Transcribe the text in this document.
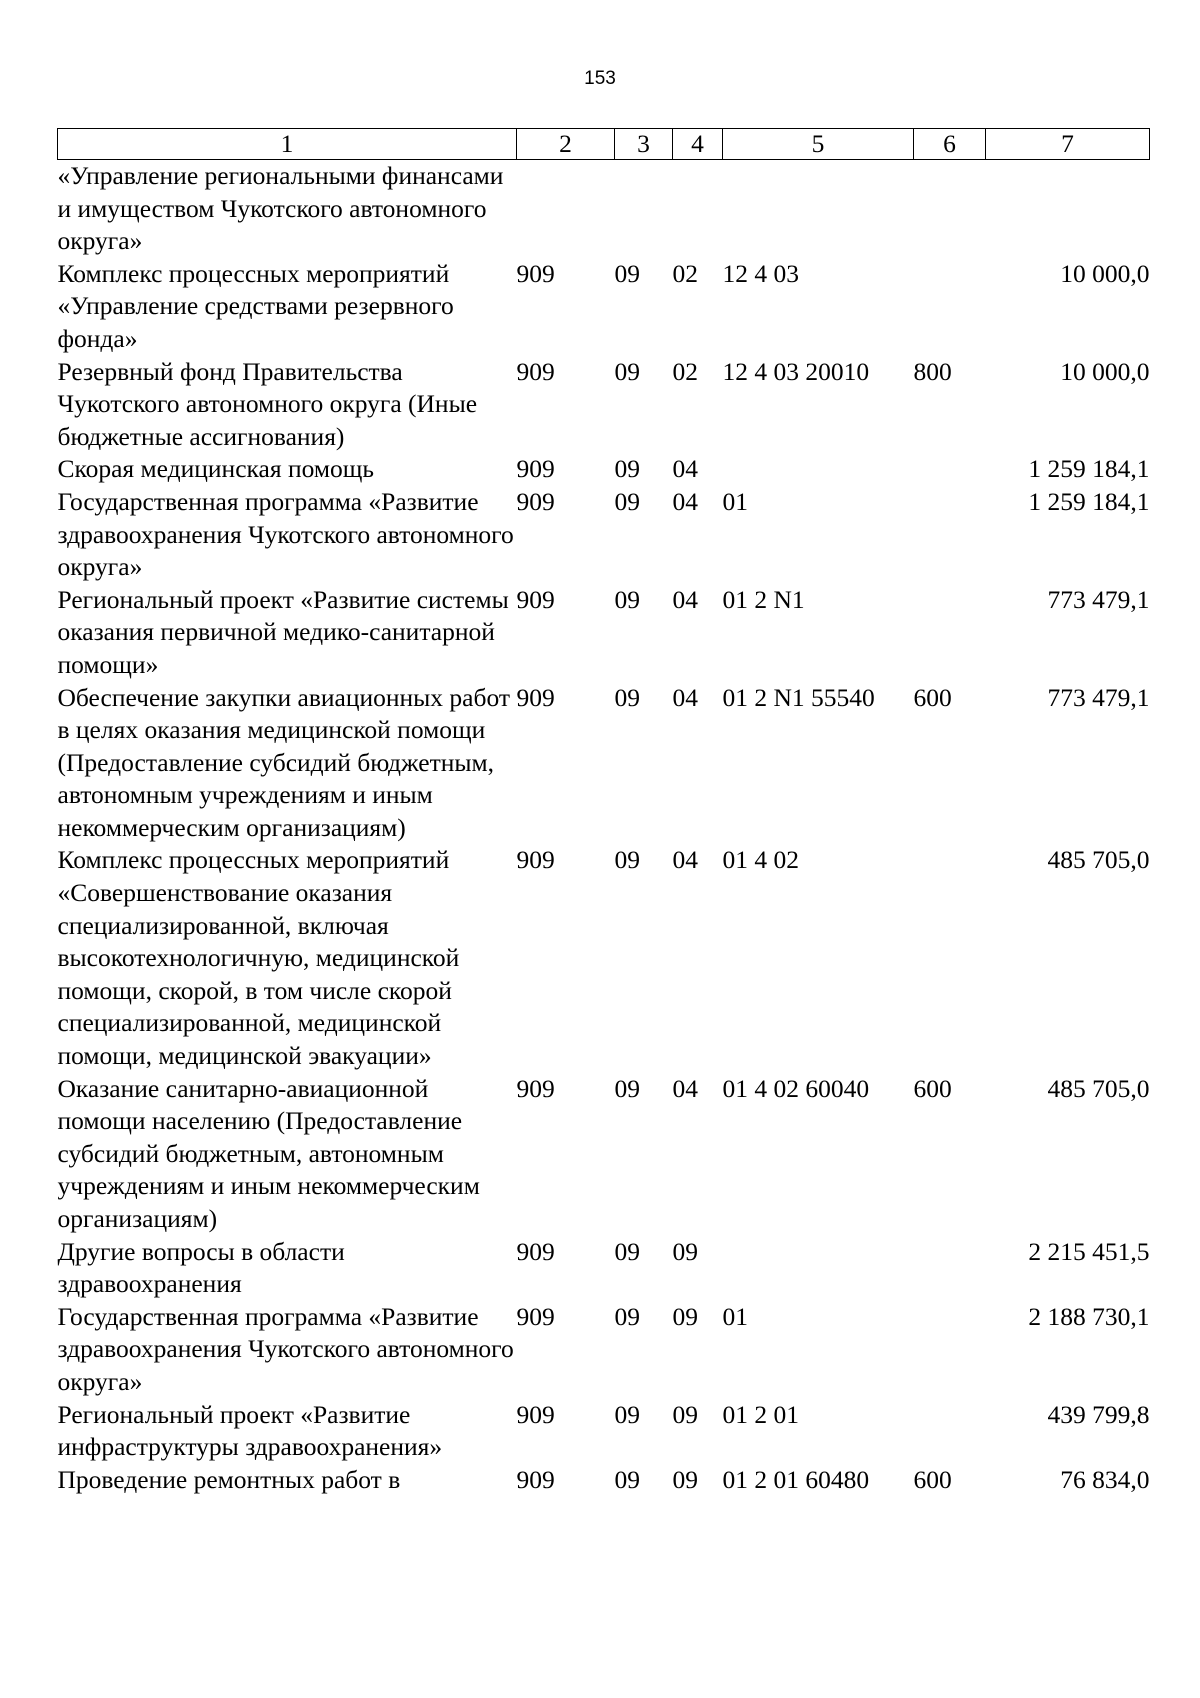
153
1	2	3	4	5	6	7
«Управление региональными финансами и имуществом Чукотского автономного округа»						
Комплекс процессных мероприятий «Управление средствами резервного фонда»	909	09	02	12 4 03		10 000,0
Резервный фонд Правительства Чукотского автономного округа (Иные бюджетные ассигнования)	909	09	02	12 4 03 20010	800	10 000,0
Скорая медицинская помощь	909	09	04			1 259 184,1
Государственная программа «Развитие здравоохранения Чукотского автономного округа»	909	09	04	01		1 259 184,1
Региональный проект «Развитие системы оказания первичной медико-санитарной помощи»	909	09	04	01 2 N1		773 479,1
Обеспечение закупки авиационных работ в целях оказания медицинской помощи (Предоставление субсидий бюджетным, автономным учреждениям и иным некоммерческим организациям)	909	09	04	01 2 N1 55540	600	773 479,1
Комплекс процессных мероприятий «Совершенствование оказания специализированной, включая высокотехнологичную, медицинской помощи, скорой, в том числе скорой специализированной, медицинской помощи, медицинской эвакуации»	909	09	04	01 4 02		485 705,0
Оказание санитарно-авиационной помощи населению (Предоставление субсидий бюджетным, автономным учреждениям и иным некоммерческим организациям)	909	09	04	01 4 02 60040	600	485 705,0
Другие вопросы в области здравоохранения	909	09	09			2 215 451,5
Государственная программа «Развитие здравоохранения Чукотского автономного округа»	909	09	09	01		2 188 730,1
Региональный проект «Развитие инфраструктуры здравоохранения»	909	09	09	01 2 01		439 799,8
Проведение ремонтных работ в	909	09	09	01 2 01 60480	600	76 834,0
